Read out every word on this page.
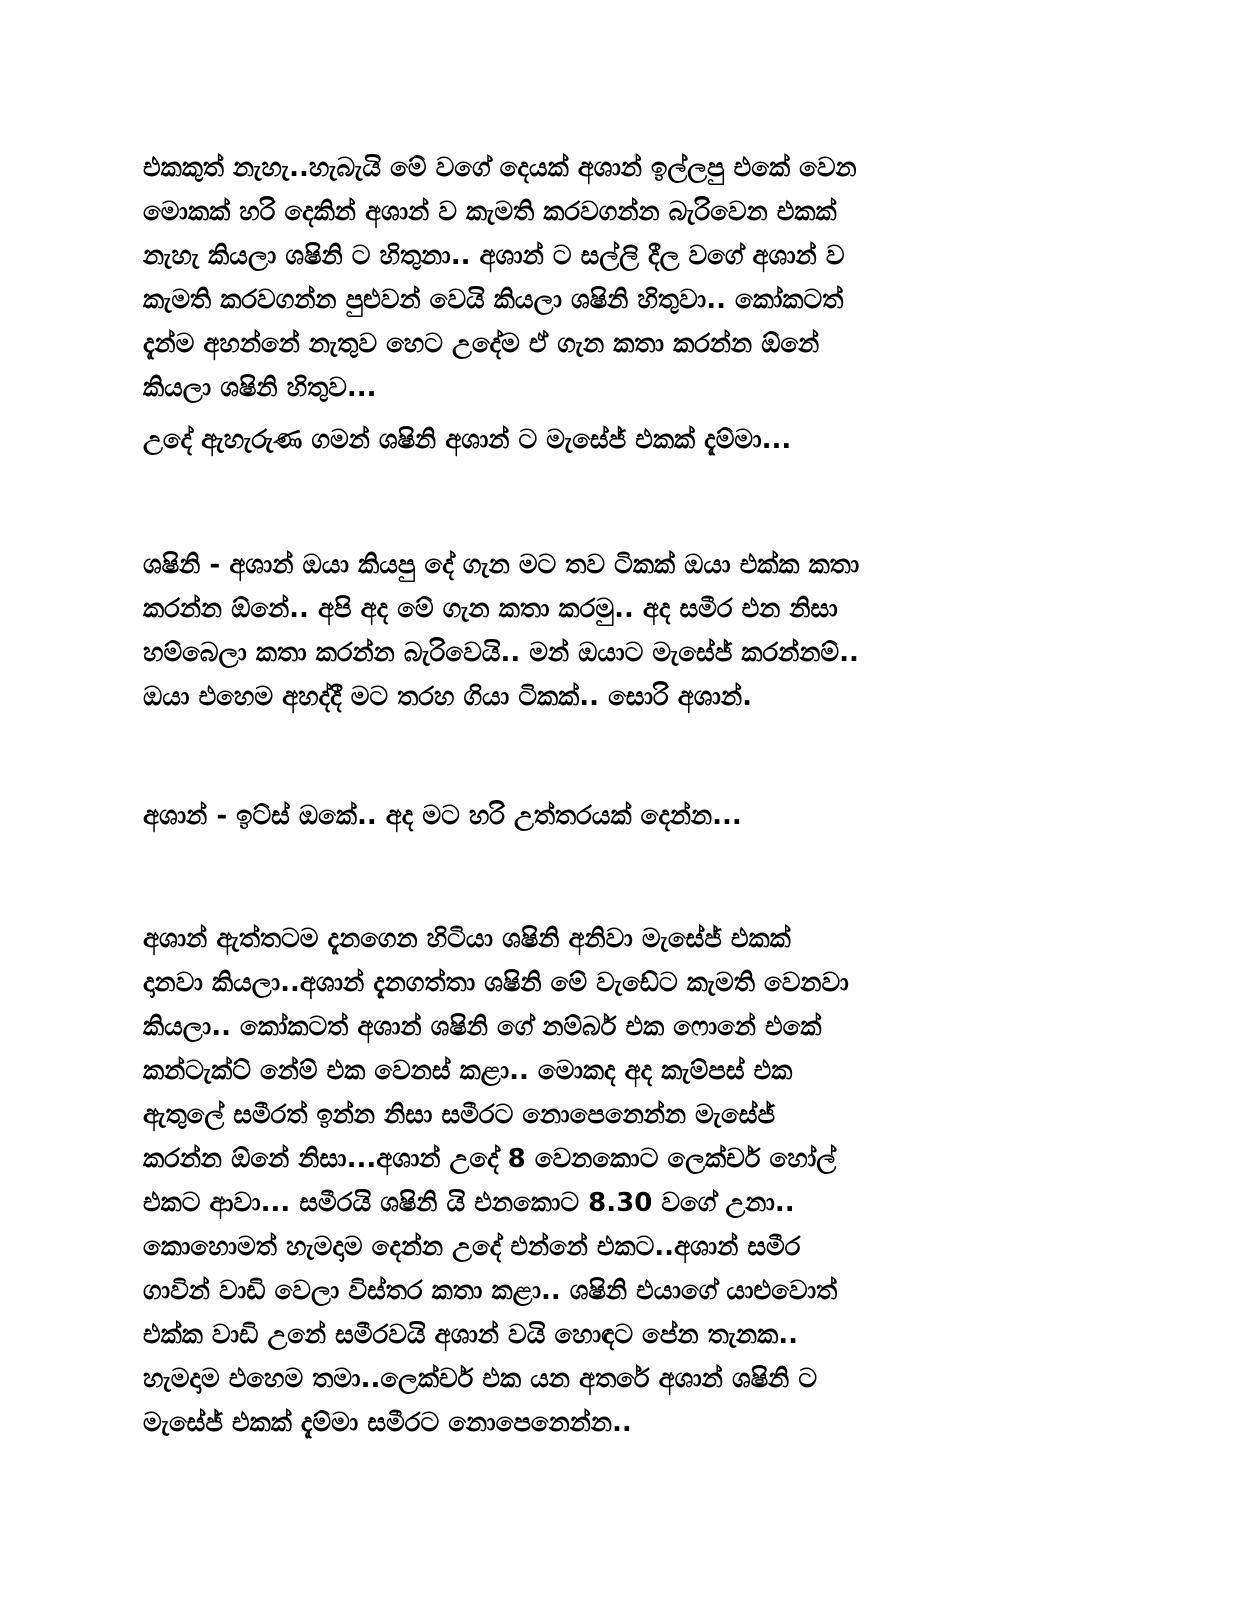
එකකුත් නැහැ..හැබැයි මේ වගේ දෙයක් අශාන් ඉල්ලපු එකේ වෙන
මොකක් හරි දෙකින් අශාන් ව කැමති කරවගන්න බැරිවෙන එකක්
නැහැ කියලා ශෂිනි ට හිතුනා.. අශාන් ට සල්ලි දීල වගේ අශාන් ව
කැමති කරවගන්න පුළුවන් වෙයි කියලා ශෂිනි හිතුවා.. කෝකටත්
දැන්ම අහන්නේ නැතුව හෙට උදේම ඒ ගැන කතා කරන්න ඕනේ
කියලා ශෂිනි හිතුව...

උදේ ඇහැරුණ ගමන් ශෂිනි අශාන් ට මැසේජ් එකක් දැම්මා...

ශෂිනි - අශාන් ඔයා කියපු දේ ගැන මට තව ටිකක් ඔයා එක්ක කතා
කරන්න ඕනේ.. අපි අද මේ ගැන කතා කරමු.. අද සමීර එන නිසා
හම්බෙලා කතා කරන්න බැරිවෙයි.. මන් ඔයාට මැසේජ් කරන්නම්..
ඔයා එහෙම අහද්දී මට තරහ ගියා ටිකක්.. සොරි අශාන්.

අශාන් - ඉට්ස් ඔකේ.. අද මට හරි උත්තරයක් දෙන්න...

අශාන් ඇත්තටම දැනගෙන හිටියා ශෂිනි අනිවා මැසේජ් එකක්
දානවා කියලා..අශාන් දැනගත්තා ශෂිනි මේ වැඩේට කැමති වෙනවා
කියලා.. කෝකටත් අශාන් ශෂිනි ගේ නම්බර් එක ෆොනේ එකේ
කන්ටැක්ට් නේම් එක වෙනස් කළා.. මොකද අද කැම්පස් එක
ඇතුලේ සමීරත් ඉන්න නිසා සමීරට නොපෙනෙන්න මැසේජ්
කරන්න ඕනේ නිසා...අශාන් උදේ 8 වෙනකොට ලෙක්චර් හෝල්
එකට ආවා... සමීරයි ශෂිනි යි එනකොට 8.30 වගේ උනා..
කොහොමත් හැමදාම දෙන්න උදේ එන්නේ එකට..අශාන් සමීර
ගාවින් වාඩි වෙලා විස්තර කතා කළා.. ශෂිනි එයාගේ යාළුවොත්
එක්ක වාඩි උනේ සමීරවයි අශාන් වයි හොඳට පේන තැනක..
හැමදාම එහෙම තමා..ලෙක්චර් එක යන අතරේ අශාන් ශෂිනි ට
මැසේජ් එකක් දැම්මා සමීරට නොපෙනෙන්න..
